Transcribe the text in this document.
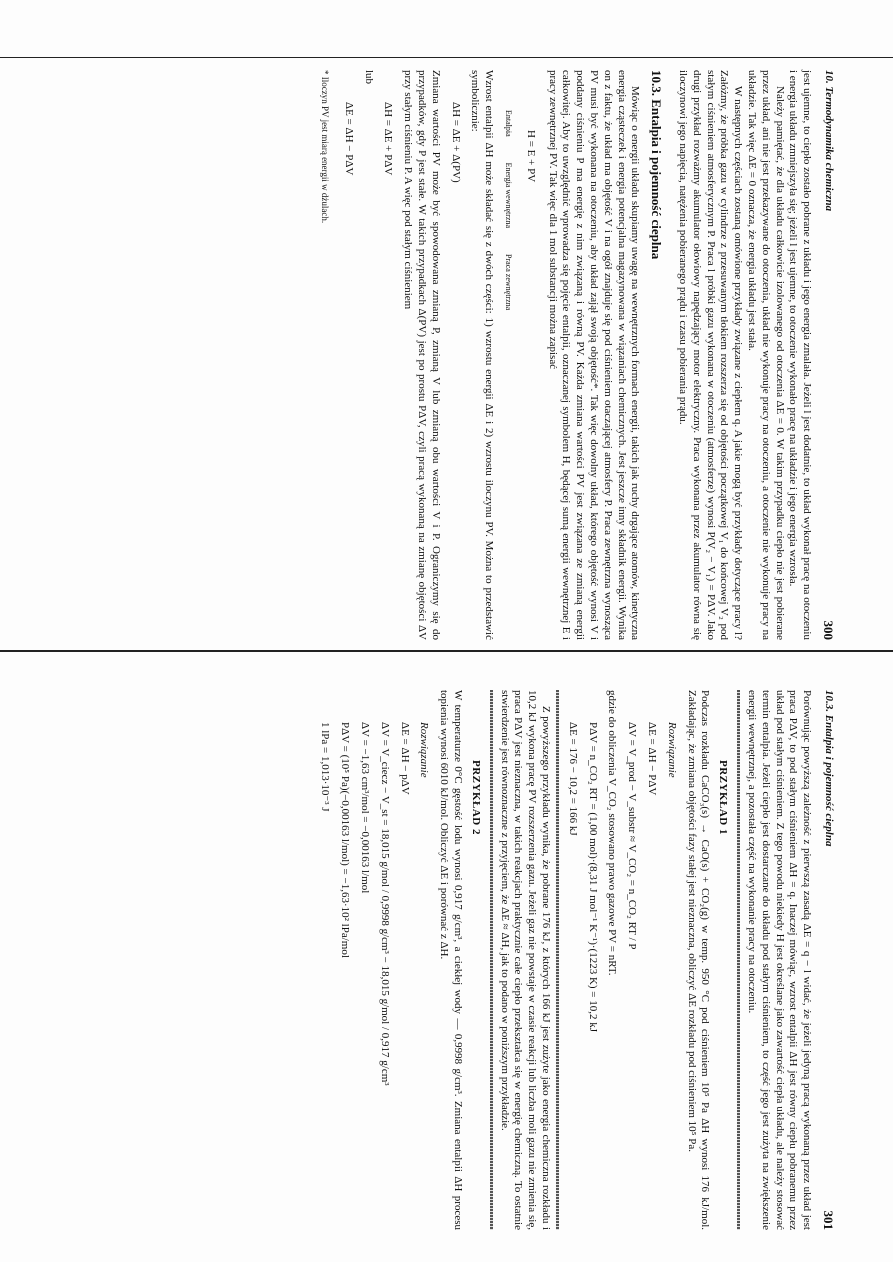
10. Termodynamika chemiczna
300

jest ujemne, to ciepło zostało pobrane z układu i jego energia zmalała. Jeżeli l jest dodatnie, to układ wykonał pracę na otoczeniu i energia układu zmniejszyła się; jeżeli l jest ujemne, to otoczenie wykonało pracę na układzie i jego energia wzrosła.

Należy pamiętać, że dla układu całkowicie izolowanego od otoczenia ΔE = 0. W takim przypadku ciepło nie jest pobierane przez układ, ani nie jest przekazywane do otoczenia, układ nie wykonuje pracy na otoczeniu, a otoczenie nie wykonuje pracy na układzie. Tak więc ΔE = 0 oznacza, że energia układu jest stała.

W następnych częściach zostaną omówione przykłady związane z ciepłem q. A jakie mogą być przykłady dotyczące pracy l? Załóżmy, że próbka gazu w cylindrze z przesuwanym tłokiem rozszerza się od objętości początkowej V₁ do końcowej V₂ pod stałym ciśnieniem atmosferycznym P. Praca l próbki gazu wykonana w otoczeniu (atmosferze) wynosi P(V₂ − V₁) = PΔV. Jako drugi przykład rozważmy akumulator ołowiowy napędzający motor elektryczny. Praca wykonana przez akumulator równa się iloczynowi jego napięcia, natężenia pobieranego prądu i czasu pobierania prądu.

10.3. Entalpia i pojemność cieplna

Mówiąc o energii układu skupiamy uwagę na wewnętrznych formach energii, takich jak ruchy drgające atomów, kinetyczna energia cząsteczek i energia potencjalna magazynowana w wiązaniach chemicznych. Jest jeszcze inny składnik energii. Wynika on z faktu, że układ ma objętość V i na ogół znajduje się pod ciśnieniem otaczającej atmosfery P. Praca zewnętrzna wynosząca PV musi być wykonana na otoczeniu, aby układ zajął swoją objętość*. Tak więc dowolny układ, którego objętość wynosi V i poddany ciśnieniu P ma energię z nim związaną i równą PV. Każda zmiana wartości PV jest związana ze zmianą energii całkowitej. Aby to uwzględnić wprowadza się pojęcie entalpii, oznaczanej symbolem H, będącej sumą energii wewnętrznej E i pracy zewnętrznej PV. Tak więc dla 1 mol substancji można zapisać

H = E + PV
Entalpia
Energia wewnętrzna
Praca zewnętrzna

Wzrost entalpii ΔH może składać się z dwóch części: 1) wzrostu energii ΔE i 2) wzrostu iloczynu PV. Można to przedstawić symbolicznie:

ΔH = ΔE + Δ(PV)

Zmiana wartości PV może być spowodowana zmianą P, zmianą V lub zmianą obu wartości V i P. Ograniczymy się do przypadków, gdy P jest stałe. W takich przypadkach Δ(PV) jest po prostu PΔV, czyli pracą wykonaną na zmianę objętości ΔV przy stałym ciśnieniu P. A więc pod stałym ciśnieniem

ΔH = ΔE + PΔV

lub

ΔE = ΔH − PΔV
* Iloczyn PV jest miarą energii w dżulach.
10.3. Entalpia i pojemność cieplna
301

Porównując powyższą zależność z pierwszą zasadą ΔE = q − l widać, że jeżeli jedyną pracą wykonaną przez układ jest praca PΔV, to pod stałym ciśnieniem ΔH = q. Inaczej mówiąc, wzrost entalpii ΔH jest równy ciepłu pobranemu przez układ pod stałym ciśnieniem. Z tego powodu niekiedy H jest określane jako zawartość ciepła układu, ale należy stosować termin entalpia. Jeżeli ciepło jest dostarczane do układu pod stałym ciśnieniem, to część jego jest zużyta na zwiększenie energii wewnętrznej, a pozostała część na wykonanie pracy na otoczeniu.

PRZYKŁAD 1

Podczas rozkładu CaCO₃(s) → CaO(s) + CO₂(g) w temp. 950 °C pod ciśnieniem 10⁵ Pa ΔH wynosi 176 kJ/mol. Zakładając, że zmiana objętości fazy stałej jest nieznaczna, obliczyć ΔE rozkładu pod ciśnieniem 10⁵ Pa.

Rozwiązanie
ΔE = ΔH − PΔV
ΔV = V_prod − V_substr ≈ V_CO₂ = n_CO₂ RT / P

gdzie do obliczenia V_CO₂ stosowano prawo gazowe PV = nRT.

PΔV = n_CO₂ RT = (1,00 mol)·(8,31 J mol⁻¹ K⁻¹)·(1223 K) = 10,2 kJ
ΔE = 176 − 10,2 = 166 kJ

Z powyższego przykładu wynika, że pobrane 176 kJ, z których 166 kJ jest zużyte jako energia chemiczna rozkładu i 10,2 kJ wykona pracę PV rozszerzenia gazu. Jeżeli gaz nie powstaje w czasie reakcji lub liczba moli gazu nie zmienia się, praca PΔV jest nieznaczna, w takich reakcjach praktycznie całe ciepło przekształca się w energię chemiczną. To ostatnie stwierdzenie jest równoznaczne z przyjęciem, że ΔE ≈ ΔH, jak to podano w poniższym przykładzie.

PRZYKŁAD 2

W temperaturze 0°C gęstość lodu wynosi 0,917 g/cm³, a ciekłej wody — 0,9998 g/cm³. Zmiana entalpii ΔH procesu topienia wynosi 6010 kJ/mol. Obliczyć ΔE i porównać z ΔH.

Rozwiązanie
ΔE = ΔH − pΔV
ΔV = V_ciecz − V_st = 18,015 g/mol / 0,9998 g/cm³ − 18,015 g/mol / 0,917 g/cm³
ΔV = −1,63 cm³/mol = −0,00163 l/mol
PΔV = (10⁵ Pa)(−0,00163 l/mol) = −1,63·10² lPa/mol
1 lPa = 1,013·10⁻³ J
